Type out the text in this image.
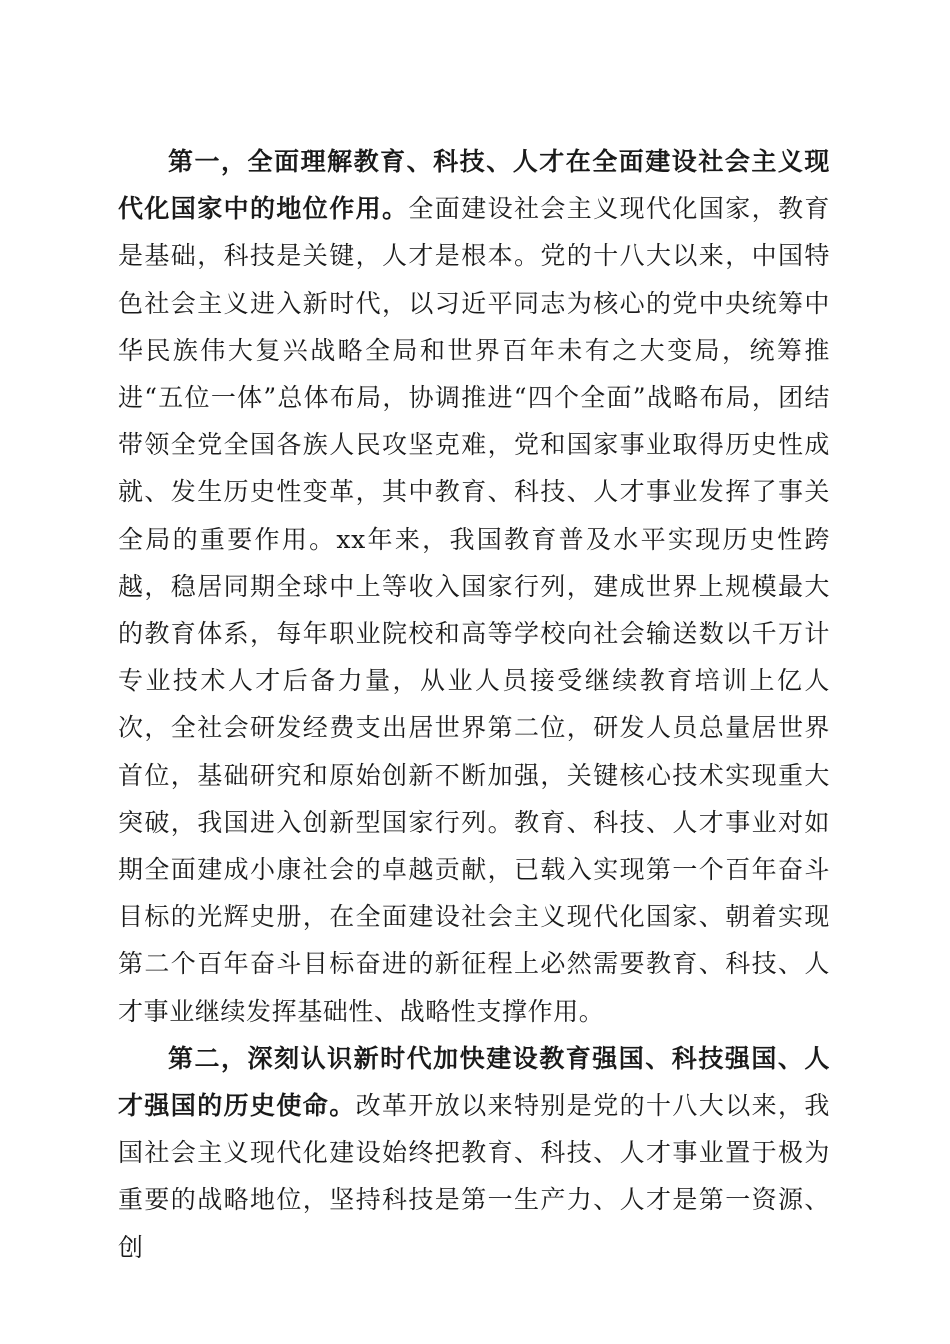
第一，全面理解教育、科技、人才在全面建设社会主义现代化国家中的地位作用。全面建设社会主义现代化国家，教育是基础，科技是关键，人才是根本。党的十八大以来，中国特色社会主义进入新时代，以习近平同志为核心的党中央统筹中华民族伟大复兴战略全局和世界百年未有之大变局，统筹推进“五位一体”总体布局，协调推进“四个全面”战略布局，团结带领全党全国各族人民攻坚克难，党和国家事业取得历史性成就、发生历史性变革，其中教育、科技、人才事业发挥了事关全局的重要作用。xx年来，我国教育普及水平实现历史性跨越，稳居同期全球中上等收入国家行列，建成世界上规模最大的教育体系，每年职业院校和高等学校向社会输送数以千万计专业技术人才后备力量，从业人员接受继续教育培训上亿人次，全社会研发经费支出居世界第二位，研发人员总量居世界首位，基础研究和原始创新不断加强，关键核心技术实现重大突破，我国进入创新型国家行列。教育、科技、人才事业对如期全面建成小康社会的卓越贡献，已载入实现第一个百年奋斗目标的光辉史册，在全面建设社会主义现代化国家、朝着实现第二个百年奋斗目标奋进的新征程上必然需要教育、科技、人才事业继续发挥基础性、战略性支撑作用。

第二，深刻认识新时代加快建设教育强国、科技强国、人才强国的历史使命。改革开放以来特别是党的十八大以来，我国社会主义现代化建设始终把教育、科技、人才事业置于极为重要的战略地位，坚持科技是第一生产力、人才是第一资源、创
